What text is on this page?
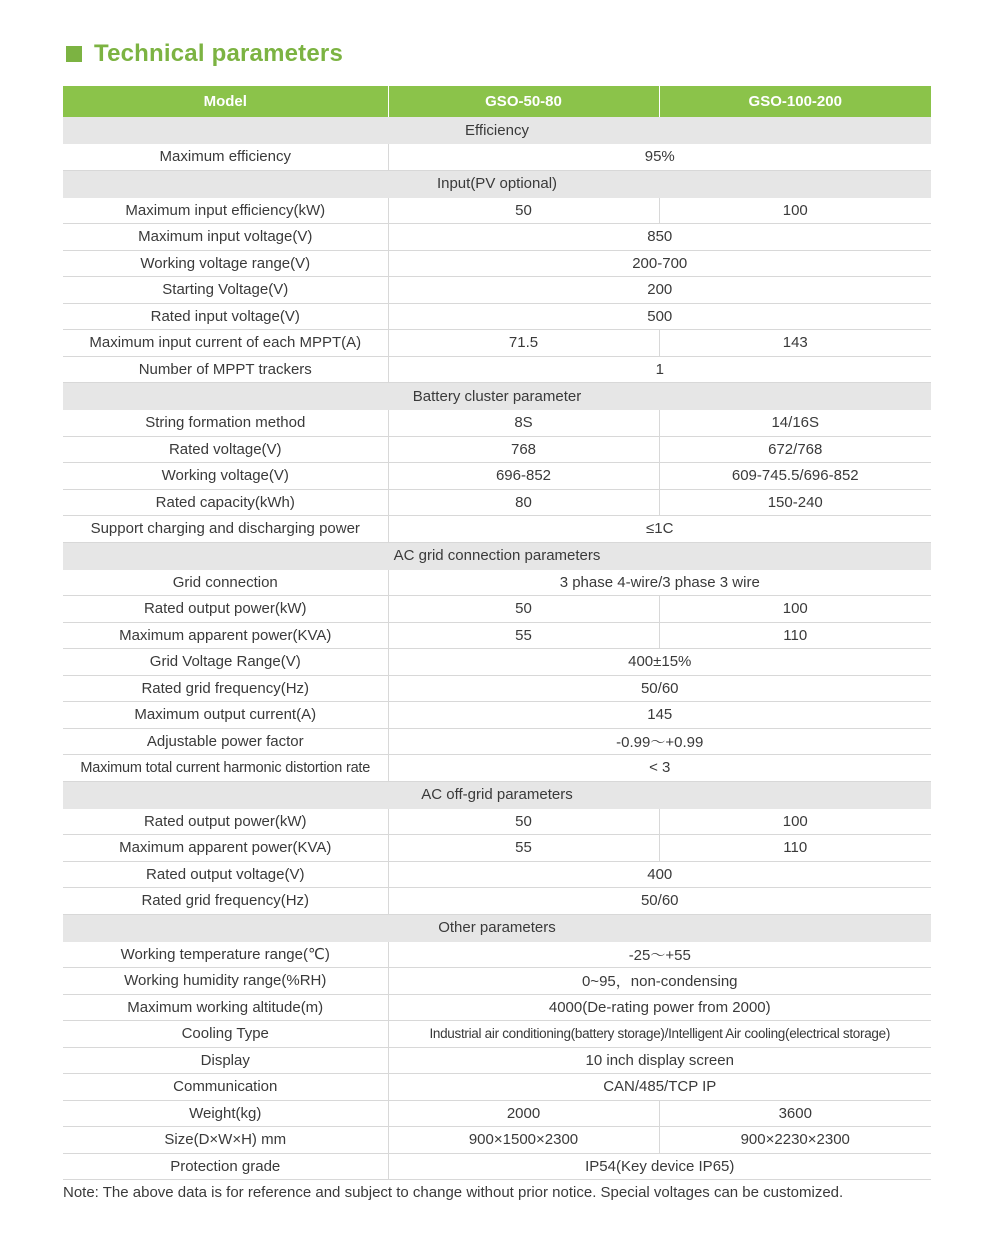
Technical parameters
Model	GSO-50-80	GSO-100-200
Efficiency		
Maximum efficiency	95%	
Input(PV optional)		
Maximum input efficiency(kW)	50	100
Maximum input voltage(V)	850	
Working voltage range(V)	200-700	
Starting Voltage(V)	200	
Rated input voltage(V)	500	
Maximum input current of each MPPT(A)	71.5	143
Number of MPPT trackers	1	
Battery cluster parameter		
String formation method	8S	14/16S
Rated voltage(V)	768	672/768
Working voltage(V)	696-852	609-745.5/696-852
Rated capacity(kWh)	80	150-240
Support charging and discharging power	≤1C	
AC grid connection parameters		
Grid connection	3 phase 4-wire/3 phase 3 wire	
Rated output power(kW)	50	100
Maximum apparent power(KVA)	55	110
Grid Voltage Range(V)	400±15%	
Rated grid frequency(Hz)	50/60	
Maximum output current(A)	145	
Adjustable power factor	-0.99～+0.99	
Maximum total current harmonic distortion rate	< 3	
AC off-grid parameters		
Rated output power(kW)	50	100
Maximum apparent power(KVA)	55	110
Rated output voltage(V)	400	
Rated grid frequency(Hz)	50/60	
Other parameters		
Working temperature range(℃)	-25～+55	
Working humidity range(%RH)	0~95，non-condensing	
Maximum working altitude(m)	4000(De-rating power from 2000)	
Cooling Type	Industrial air conditioning(battery storage)/Intelligent Air cooling(electrical storage)	
Display	10 inch display screen	
Communication	CAN/485/TCP IP	
Weight(kg)	2000	3600
Size(D×W×H) mm	900×1500×2300	900×2230×2300
Protection grade	IP54(Key device IP65)	
Note: The above data is for reference and subject to change without prior notice. Special voltages can be customized.
